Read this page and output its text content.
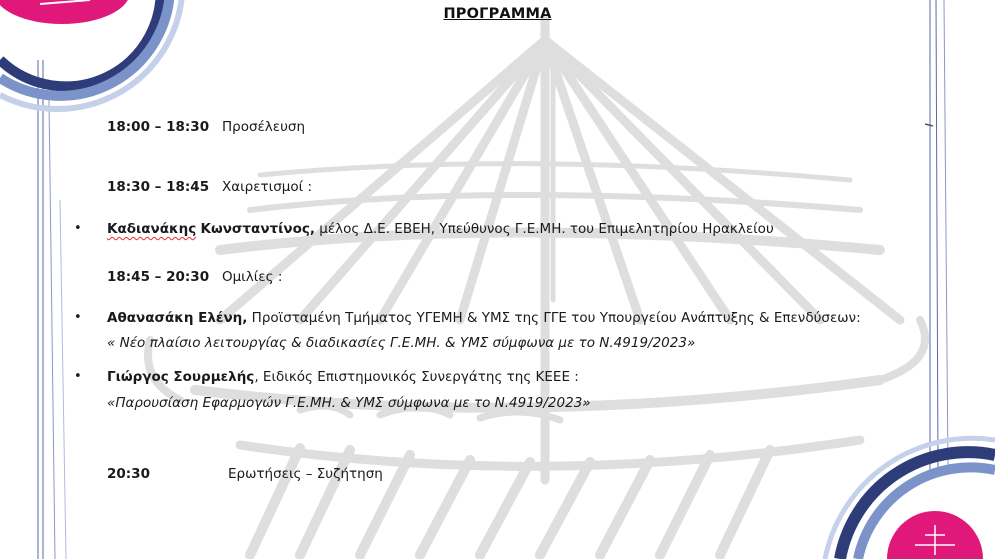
ΠΡΟΓΡΑΜΜΑ
18:00 – 18:30 Προσέλευση
18:30 – 18:45 Χαιρετισμοί :
• Καδιανάκης Κωνσταντίνος, μέλος Δ.Ε. ΕΒΕΗ, Υπεύθυνος Γ.Ε.ΜΗ. του Επιμελητηρίου Ηρακλείου
18:45 – 20:30 Ομιλίες :
• Αθανασάκη Ελένη, Προϊσταμένη Τμήματος ΥΓΕΜΗ & ΥΜΣ της ΓΓΕ του Υπουργείου Ανάπτυξης & Επενδύσεων:
« Νέο πλαίσιο λειτουργίας & διαδικασίες Γ.Ε.ΜΗ. & ΥΜΣ σύμφωνα με το Ν.4919/2023»
• Γιώργος Σουρμελής, Ειδικός Επιστημονικός Συνεργάτης της ΚΕΕΕ :
«Παρουσίαση Εφαρμογών Γ.Ε.ΜΗ. & ΥΜΣ σύμφωνα με το Ν.4919/2023»
20:30	Ερωτήσεις – Συζήτηση
